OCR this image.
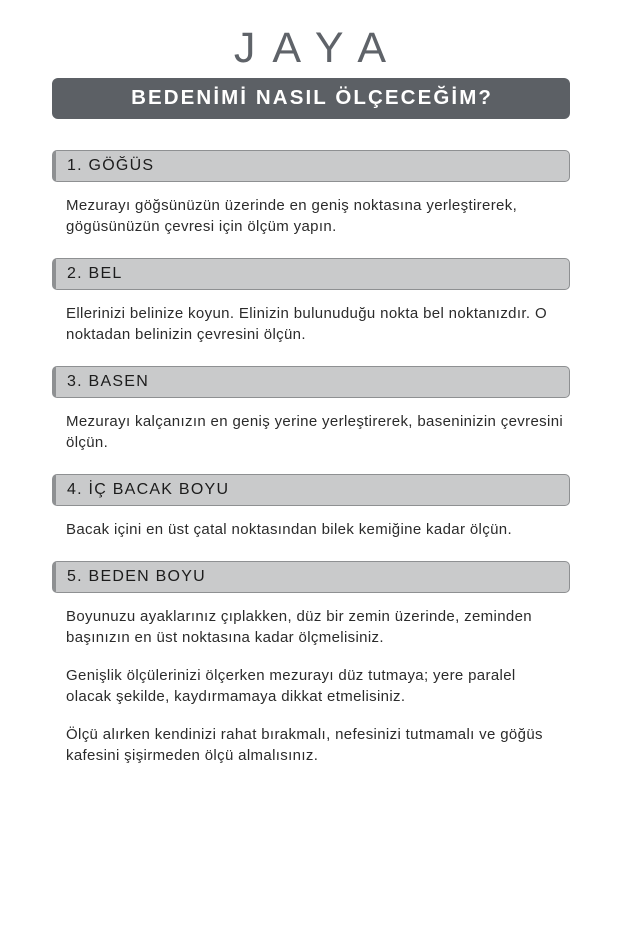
JAYA
BEDENİMİ NASIL ÖLÇECEĞİM?
1. GÖĞÜS

Mezurayı göğsünüzün üzerinde en geniş noktasına yerleştirerek, gögüsünüzün çevresi için ölçüm yapın.

2. BEL

Ellerinizi belinize koyun. Elinizin bulunuduğu nokta bel noktanızdır. O noktadan belinizin çevresini ölçün.

3. BASEN

Mezurayı kalçanızın en geniş yerine yerleştirerek, baseninizin çevresini ölçün.

4. İÇ BACAK BOYU

Bacak içini en üst çatal noktasından bilek kemiğine kadar ölçün.

5. BEDEN BOYU

Boyunuzu ayaklarınız çıplakken, düz bir zemin üzerinde, zeminden başınızın en üst noktasına kadar ölçmelisiniz.

Genişlik ölçülerinizi ölçerken mezurayı düz tutmaya; yere paralel olacak şekilde, kaydırmamaya dikkat etmelisiniz.

Ölçü alırken kendinizi rahat bırakmalı, nefesinizi tutmamalı ve göğüs kafesini şişirmeden ölçü almalısınız.
